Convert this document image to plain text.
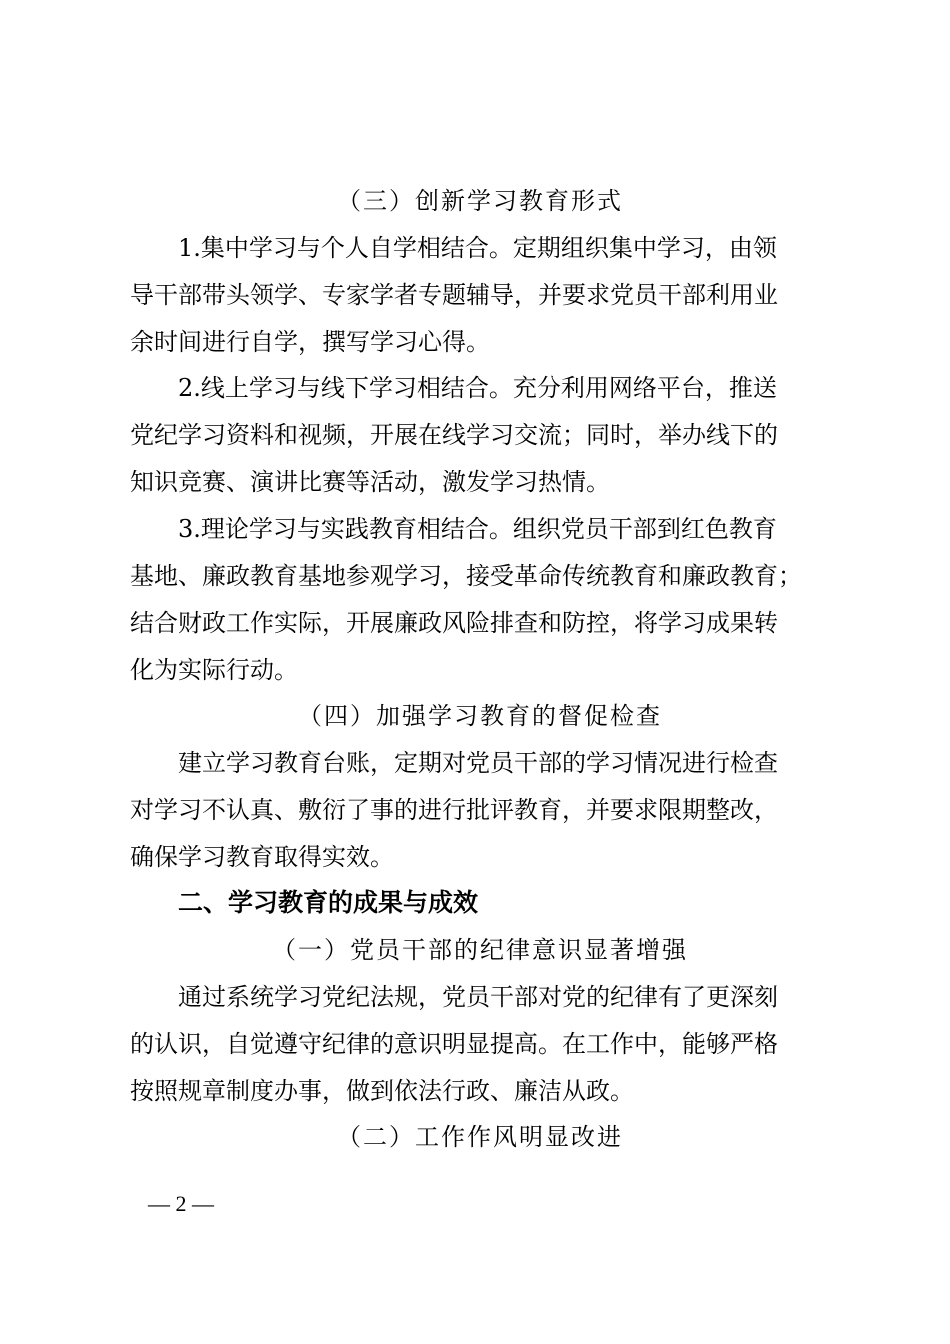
（三）创新学习教育形式
1.集中学习与个人自学相结合。定期组织集中学习，由领
导干部带头领学、专家学者专题辅导，并要求党员干部利用业
余时间进行自学，撰写学习心得。
2.线上学习与线下学习相结合。充分利用网络平台，推送
党纪学习资料和视频，开展在线学习交流；同时，举办线下的
知识竞赛、演讲比赛等活动，激发学习热情。
3.理论学习与实践教育相结合。组织党员干部到红色教育
基地、廉政教育基地参观学习，接受革命传统教育和廉政教育；
结合财政工作实际，开展廉政风险排查和防控，将学习成果转
化为实际行动。
（四）加强学习教育的督促检查
建立学习教育台账，定期对党员干部的学习情况进行检查
对学习不认真、敷衍了事的进行批评教育，并要求限期整改，
确保学习教育取得实效。
二、学习教育的成果与成效
（一）党员干部的纪律意识显著增强
通过系统学习党纪法规，党员干部对党的纪律有了更深刻
的认识，自觉遵守纪律的意识明显提高。在工作中，能够严格
按照规章制度办事，做到依法行政、廉洁从政。
（二）工作作风明显改进
— 2 —
